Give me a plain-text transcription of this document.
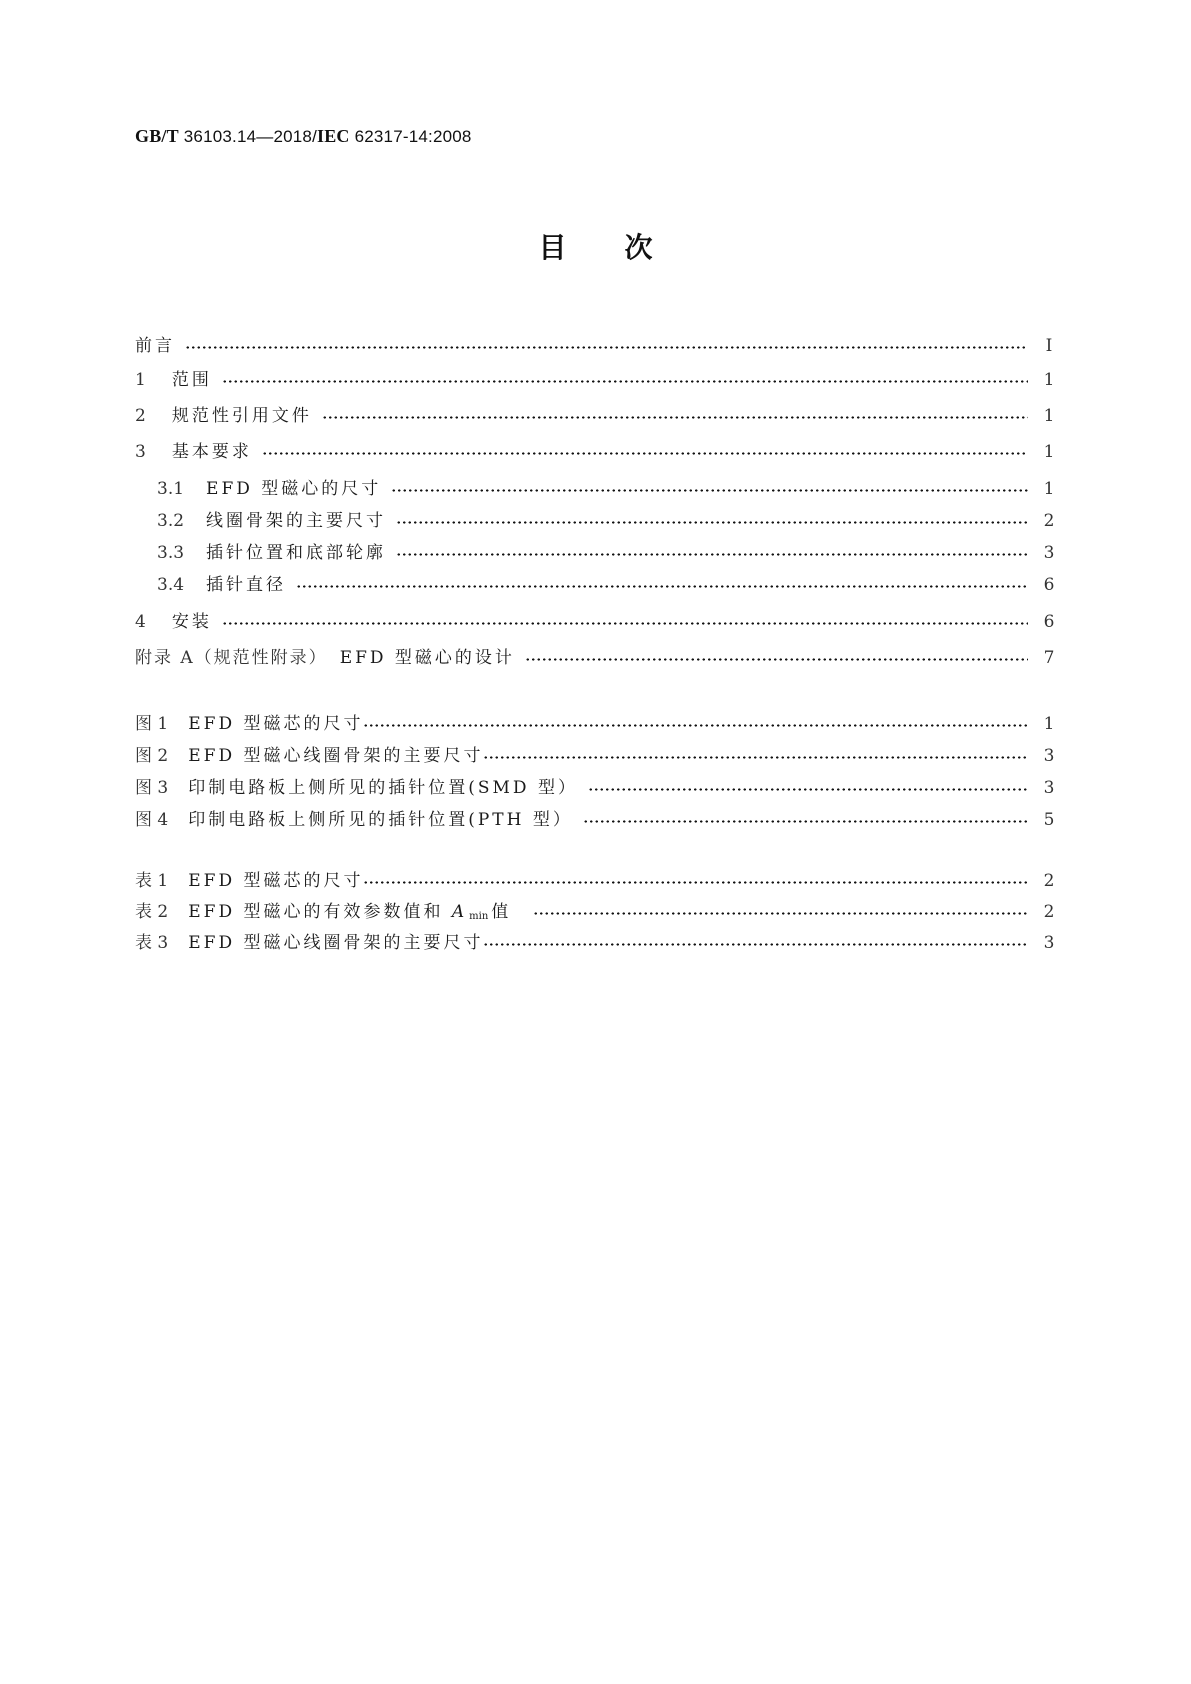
GB/T 36103.14—2018/IEC 62317-14:2008
目次
前言	Ⅰ
1 范围	1
2 规范性引用文件	1
3 基本要求	1
3.1 EFD 型磁心的尺寸	1
3.2 线圈骨架的主要尺寸	2
3.3 插针位置和底部轮廓	3
3.4 插针直径	6
4 安装	6
附录 A（规范性附录） EFD 型磁心的设计	7
图 1 EFD 型磁芯的尺寸	1
图 2 EFD 型磁心线圈骨架的主要尺寸	3
图 3 印制电路板上侧所见的插针位置(SMD 型）	3
图 4 印制电路板上侧所见的插针位置(PTH 型）	5
表 1 EFD 型磁芯的尺寸	2
表 2 EFD 型磁心的有效参数值和 A $_{min}$ 值	2
表 3 EFD 型磁心线圈骨架的主要尺寸	3
